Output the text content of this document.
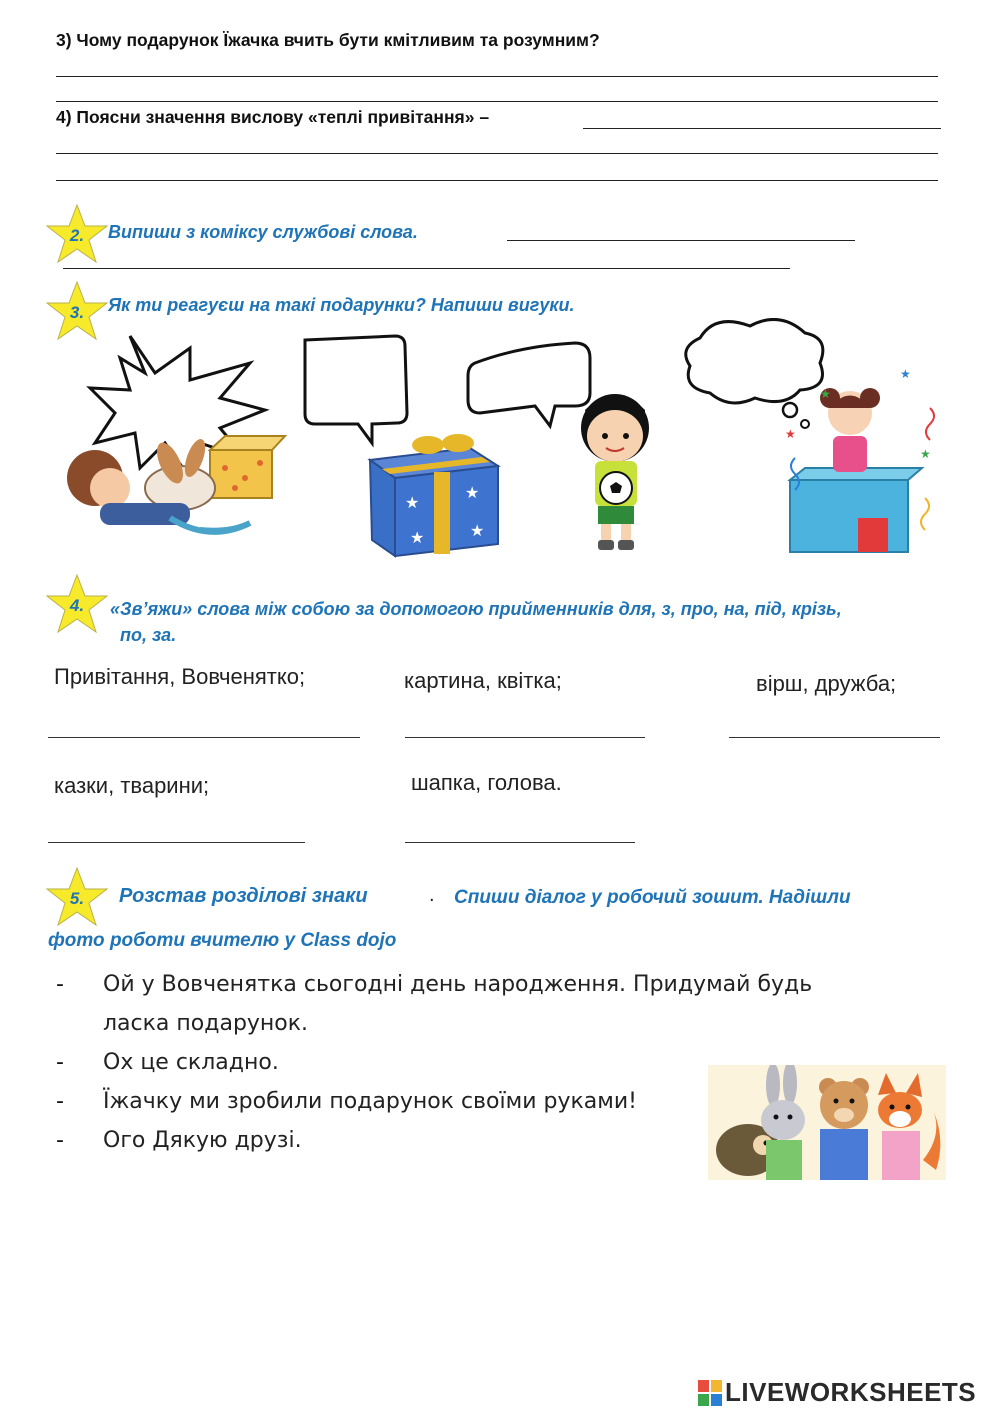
3) Чому подарунок Їжачка вчить бути кмітливим та розумним?
4) Поясни значення вислову «теплі привітання» –
2.	Випиши з коміксу службові слова.
3.	Як ти реагуєш на такі подарунки? Напиши вигуки.
★
★
★	★
★
★
★
★
4.	«Зв’яжи» слова між собою за допомогою прийменників для, з, про, на, під, крізь,
по, за.
Привітання, Вовченятко;	картина, квітка;	вірш, дружба;
казки, тварини;	шапка, голова.
5.	Розстав розділові знаки	. Спиши діалог у робочий зошит. Надішли
фото роботи вчителю у Class dojo
- Ой у Вовченятка сьогодні день народження. Придумай будь
ласка подарунок.
- Ох це складно.
- Їжачку ми зробили подарунок своїми руками!
- Ого Дякую друзі.
LIVEWORKSHEETS
